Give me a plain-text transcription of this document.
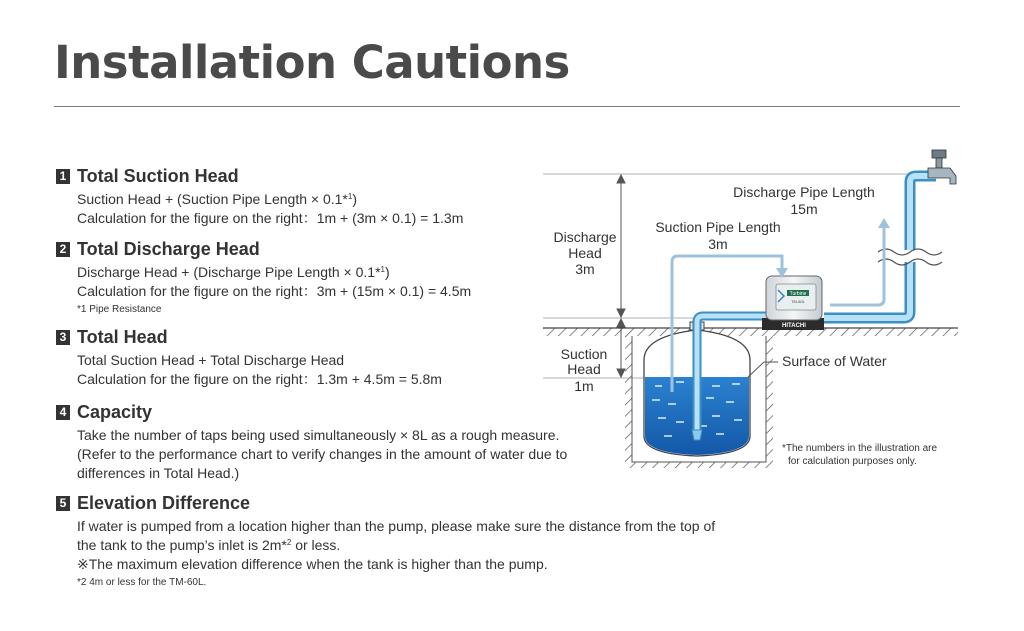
Installation Cautions
1 Total Suction Head
Suction Head + (Suction Pipe Length × 0.1*$^1$)
Calculation for the figure on the right：1m + (3m × 0.1) = 1.3m
2 Total Discharge Head
Discharge Head + (Discharge Pipe Length × 0.1*$^1$)
Calculation for the figure on the right：3m + (15m × 0.1) = 4.5m
*1 Pipe Resistance
3 Total Head
Total Suction Head + Total Discharge Head
Calculation for the figure on the right：1.3m + 4.5m = 5.8m
4 Capacity
Take the number of taps being used simultaneously × 8L as a rough measure.
(Refer to the performance chart to verify changes in the amount of water due to
differences in Total Head.)
5 Elevation Difference
If water is pumped from a location higher than the pump, please make sure the distance from the top of
the tank to the pump’s inlet is 2m*$^2$ or less.
※The maximum elevation difference when the tank is higher than the pump.
*2 4m or less for the TM-60L.
Turbine
TM-60L
HITACHI
Discharge Pipe Length
15m
Suction Pipe Length
3m
Discharge
Head
3m
Suction
Head
1m
Surface of Water
*The numbers in the illustration are
for calculation purposes only.
